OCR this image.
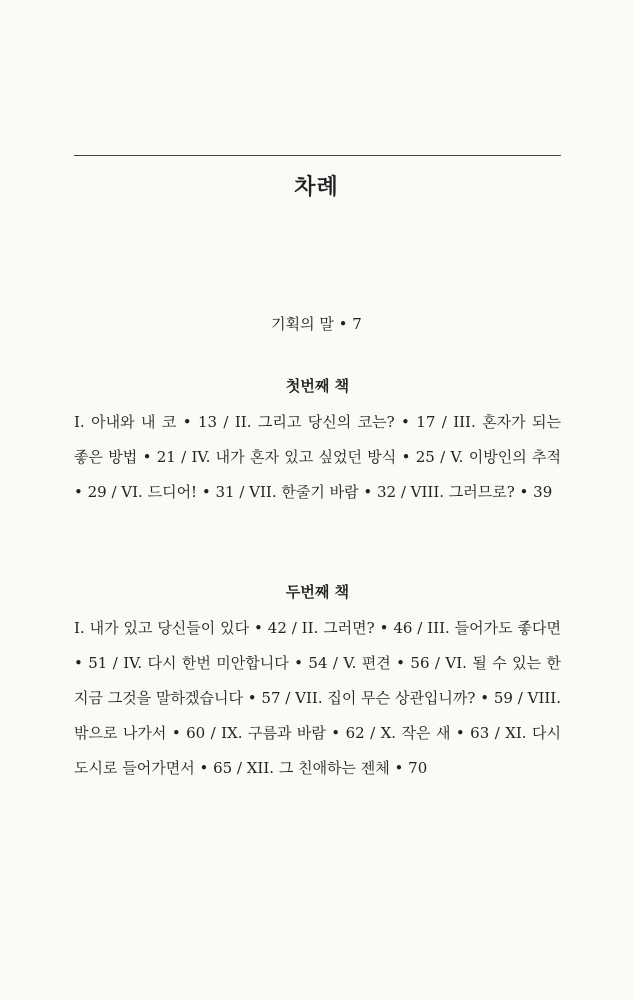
차례
기획의 말 • 7
첫번째 책
I. 아내와 내 코 • 13 / II. 그리고 당신의 코는? • 17 / III. 혼자가 되는 좋은 방법 • 21 / IV. 내가 혼자 있고 싶었던 방식 • 25 / V. 이방인의 추적 • 29 / VI. 드디어! • 31 / VII. 한줄기 바람 • 32 / VIII. 그러므로? • 39
두번째 책
I. 내가 있고 당신들이 있다 • 42 / II. 그러면? • 46 / III. 들어가도 좋다면 • 51 / IV. 다시 한번 미안합니다 • 54 / V. 편견 • 56 / VI. 될 수 있는 한 지금 그것을 말하겠습니다 • 57 / VII. 집이 무슨 상관입니까? • 59 / VIII. 밖으로 나가서 • 60 / IX. 구름과 바람 • 62 / X. 작은 새 • 63 / XI. 다시 도시로 들어가면서 • 65 / XII. 그 친애하는 젠체 • 70
